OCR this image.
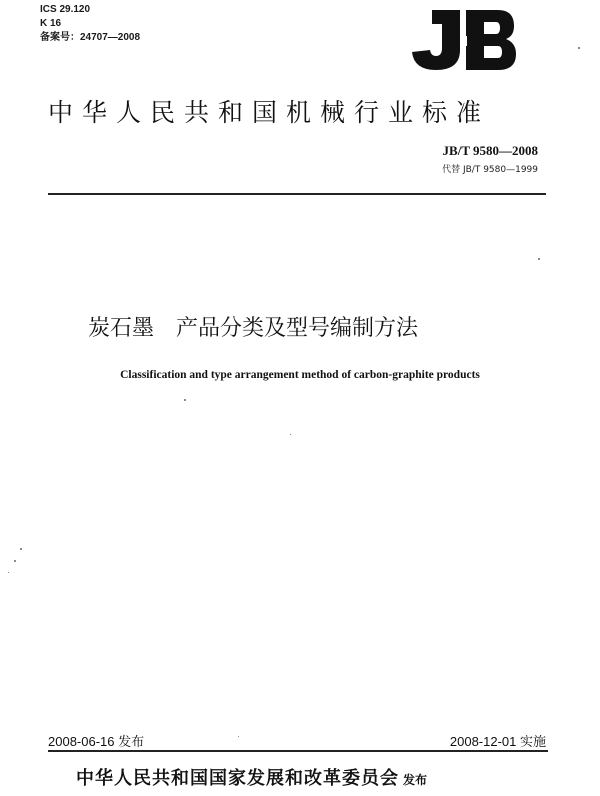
ICS 29.120
K 16
备案号：24707—2008
中华人民共和国机械行业标准
JB/T 9580—2008
代替 JB/T 9580—1999
炭石墨　产品分类及型号编制方法
Classification and type arrangement method of carbon-graphite products
2008-06-16 发布	2008-12-01 实施
中华人民共和国国家发展和改革委员会 发布
